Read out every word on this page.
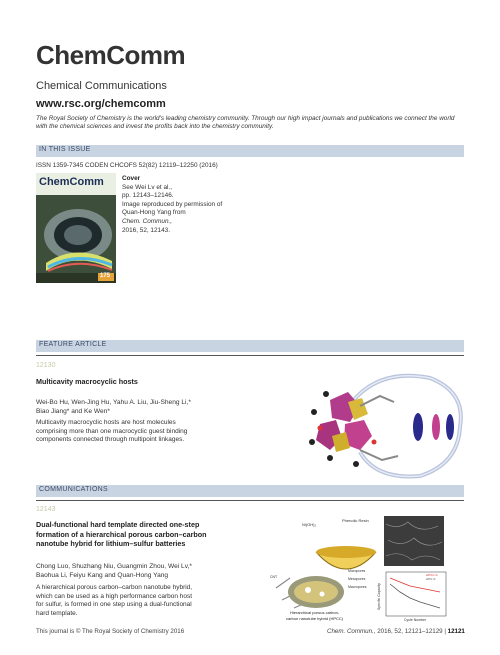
ChemComm
Chemical Communications
www.rsc.org/chemcomm
The Royal Society of Chemistry is the world's leading chemistry community. Through our high impact journals and publications we connect the world with the chemical sciences and invest the profits back into the chemistry community.
IN THIS ISSUE
ISSN 1359-7345 CODEN CHCOFS 52(82) 12119–12250 (2016)
ChemComm
175
Cover
See Wei Lv et al.,
pp. 12143–12146.
Image reproduced by permission of
Quan-Hong Yang from
Chem. Commun.,
2016, 52, 12143.
FEATURE ARTICLE
12130
Multicavity macrocyclic hosts
Wei-Bo Hu, Wen-Jing Hu, Yahu A. Liu, Jiu-Sheng Li,*
Biao Jiang* and Ke Wen*
Multicavity macrocyclic hosts are host molecules
comprising more than one macrocyclic guest binding
components connected through multipoint linkages.
COMMUNICATIONS
12143
Dual-functional hard template directed one-step
formation of a hierarchical porous carbon–carbon
nanotube hybrid for lithium–sulfur batteries
Chong Luo, Shuzhang Niu, Guangmin Zhou, Wei Lv,*
Baohua Li, Feiyu Kang and Quan-Hong Yang
A hierarchical porous carbon–carbon nanotube hybrid,
which can be used as a high performance carbon host
for sulfur, is formed in one step using a dual-functional
hard template.
Ni(OH)₂
Phenolic Resin
Micropores
Mesopores
Macropores
CNT
Hierarchical porous carbon-
carbon nanotube hybrid (HPCC)	Cycle Number
Specific Capacity
HPCC-S
HPC-S
This journal is © The Royal Society of Chemistry 2016	Chem. Commun., 2016, 52, 12121–12129 | 12121
